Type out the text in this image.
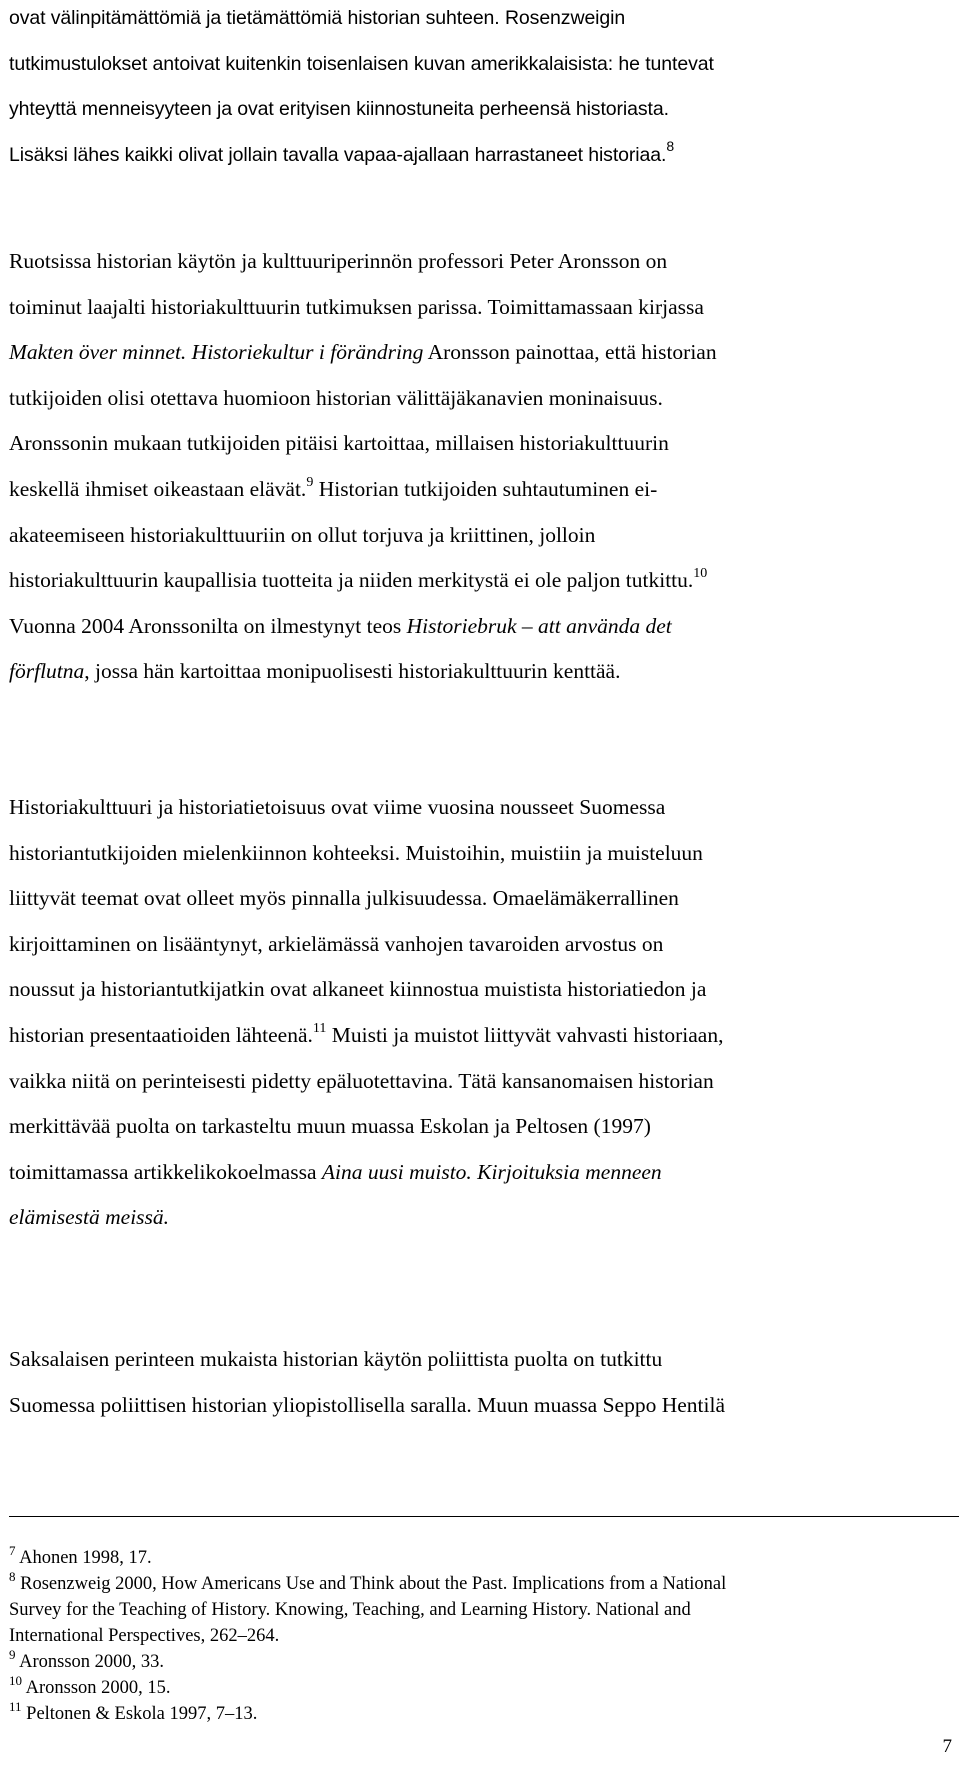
ovat välinpitämättömiä ja tietämättömiä historian suhteen. Rosenzweigin
tutkimustulokset antoivat kuitenkin toisenlaisen kuvan amerikkalaisista: he tuntevat
yhteyttä menneisyyteen ja ovat erityisen kiinnostuneita perheensä historiasta.
Lisäksi lähes kaikki olivat jollain tavalla vapaa-ajallaan harrastaneet historiaa.$^8$
Ruotsissa historian käytön ja kulttuuriperinnön professori Peter Aronsson on
toiminut laajalti historiakulttuurin tutkimuksen parissa. Toimittamassaan kirjassa
Makten över minnet. Historiekultur i förändring Aronsson painottaa, että historian
tutkijoiden olisi otettava huomioon historian välittäjäkanavien moninaisuus.
Aronssonin mukaan tutkijoiden pitäisi kartoittaa, millaisen historiakulttuurin
keskellä ihmiset oikeastaan elävät.$^9$ Historian tutkijoiden suhtautuminen ei-
akateemiseen historiakulttuuriin on ollut torjuva ja kriittinen, jolloin
historiakulttuurin kaupallisia tuotteita ja niiden merkitystä ei ole paljon tutkittu.$^{10}$
Vuonna 2004 Aronssonilta on ilmestynyt teos Historiebruk – att använda det
förflutna, jossa hän kartoittaa monipuolisesti historiakulttuurin kenttää.
Historiakulttuuri ja historiatietoisuus ovat viime vuosina nousseet Suomessa
historiantutkijoiden mielenkiinnon kohteeksi. Muistoihin, muistiin ja muisteluun
liittyvät teemat ovat olleet myös pinnalla julkisuudessa. Omaelämäkerrallinen
kirjoittaminen on lisääntynyt, arkielämässä vanhojen tavaroiden arvostus on
noussut ja historiantutkijatkin ovat alkaneet kiinnostua muistista historiatiedon ja
historian presentaatioiden lähteenä.$^{11}$ Muisti ja muistot liittyvät vahvasti historiaan,
vaikka niitä on perinteisesti pidetty epäluotettavina. Tätä kansanomaisen historian
merkittävää puolta on tarkasteltu muun muassa Eskolan ja Peltosen (1997)
toimittamassa artikkelikokoelmassa Aina uusi muisto. Kirjoituksia menneen
elämisestä meissä.
Saksalaisen perinteen mukaista historian käytön poliittista puolta on tutkittu
Suomessa poliittisen historian yliopistollisella saralla. Muun muassa Seppo Hentilä
$^7$ Ahonen 1998, 17.
$^8$ Rosenzweig 2000, How Americans Use and Think about the Past. Implications from a National
Survey for the Teaching of History. Knowing, Teaching, and Learning History. National and
International Perspectives, 262–264.
$^9$ Aronsson 2000, 33.
$^{10}$ Aronsson 2000, 15.
$^{11}$ Peltonen & Eskola 1997, 7–13.
7
